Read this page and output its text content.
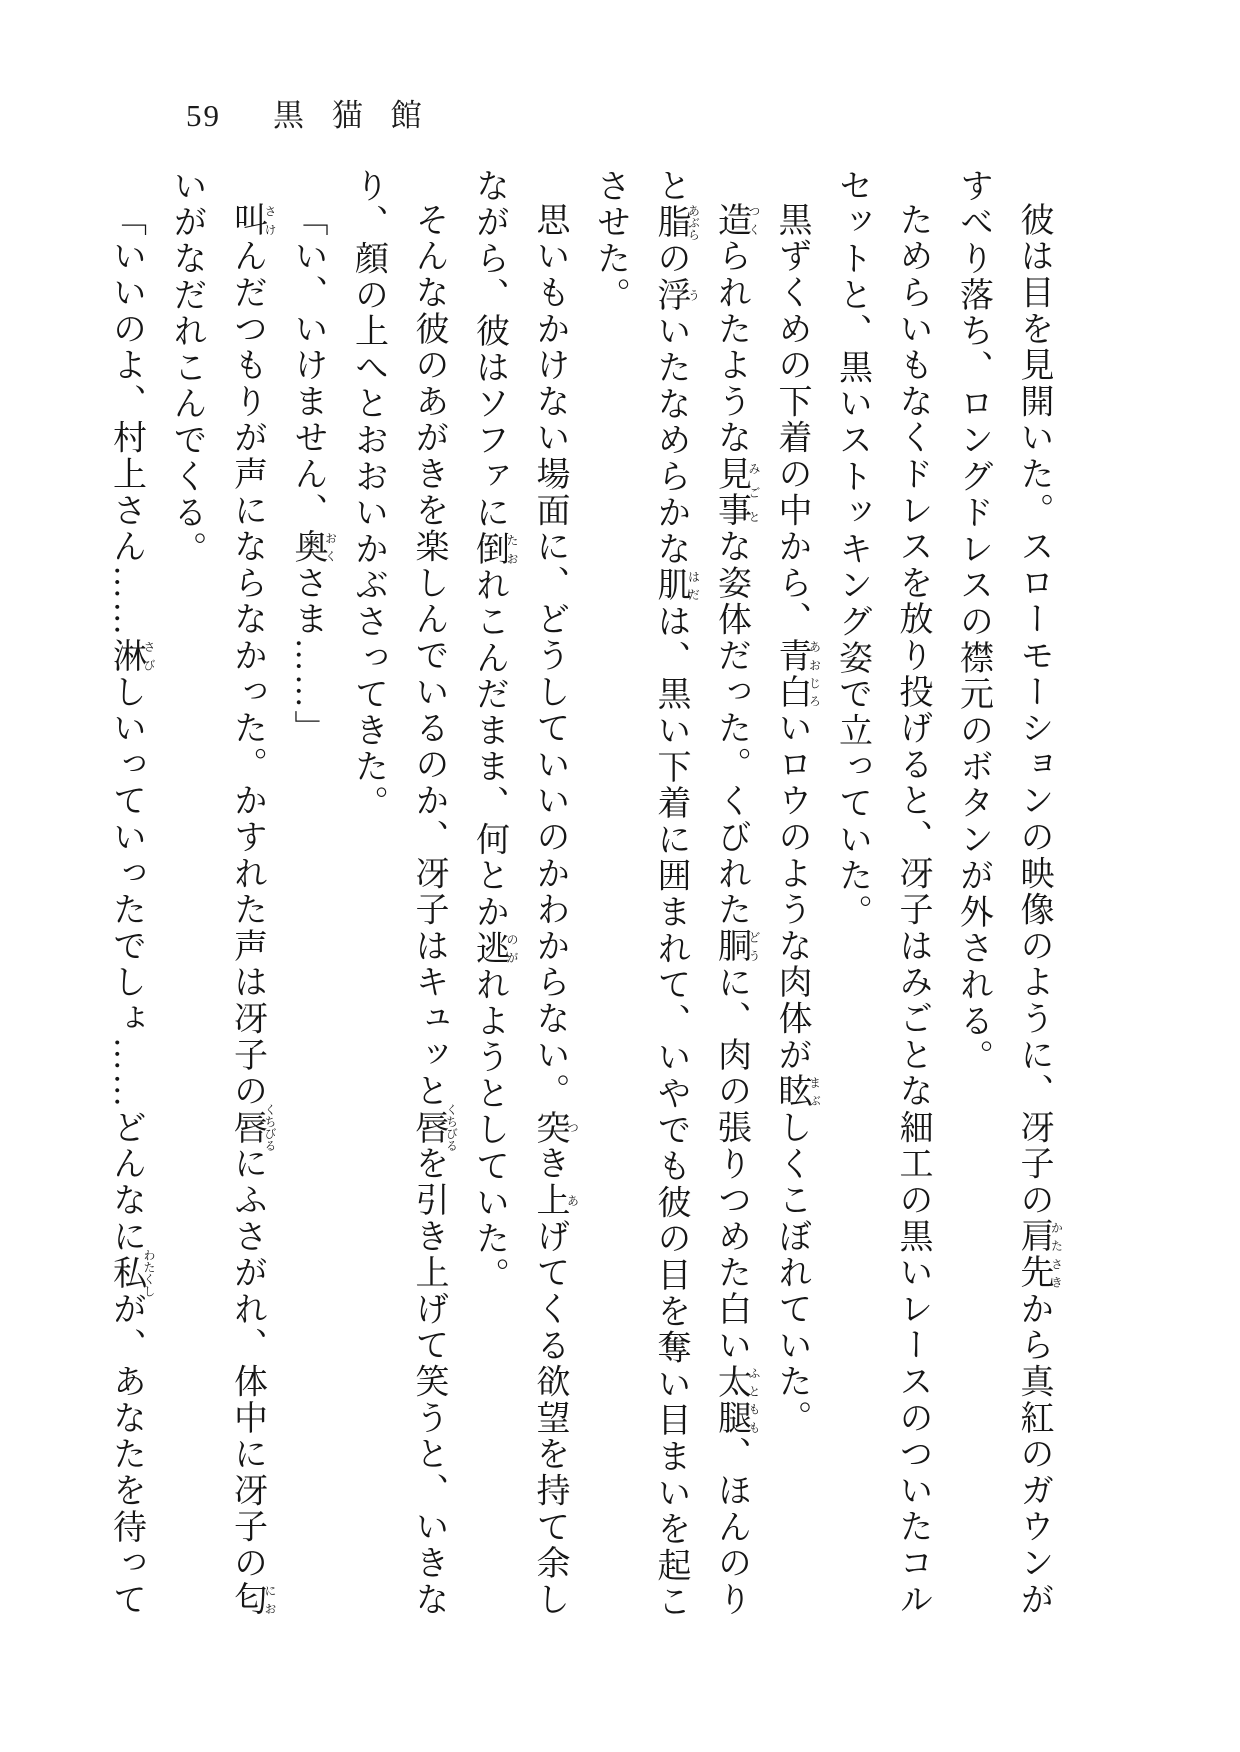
59 黒猫館

彼は目を見開いた。スローモーションの映像のように、冴子の肩先かたさきから真紅のガウンがすべり落ち、ロングドレスの襟元のボタンが外される。

ためらいもなくドレスを放り投げると、冴子はみごとな細工の黒いレースのついたコルセットと、黒いストッキング姿で立っていた。

黒ずくめの下着の中から、青白あおじろいロウのような肉体が眩まぶしくこぼれていた。

造つくられたような見事みごとな姿体だった。くびれた胴どうに、肉の張りつめた白い太腿ふともも、ほんのりと脂あぶらの浮ういたなめらかな肌はだは、黒い下着に囲まれて、いやでも彼の目を奪い目まいを起こさせた。

思いもかけない場面に、どうしていいのかわからない。突つき上あげてくる欲望を持て余しながら、彼はソファに倒たおれこんだまま、何とか逃のがれようとしていた。

そんな彼のあがきを楽しんでいるのか、冴子はキュッと唇くちびるを引き上げて笑うと、いきなり、顔の上へとおおいかぶさってきた。

「い、いけません、奥おくさま……」

叫さけんだつもりが声にならなかった。かすれた声は冴子の唇くちびるにふさがれ、体中に冴子の匂においがなだれこんでくる。

「いいのよ、村上さん……淋さびしいっていったでしょ……どんなに私わたくしが、あなたを待って
